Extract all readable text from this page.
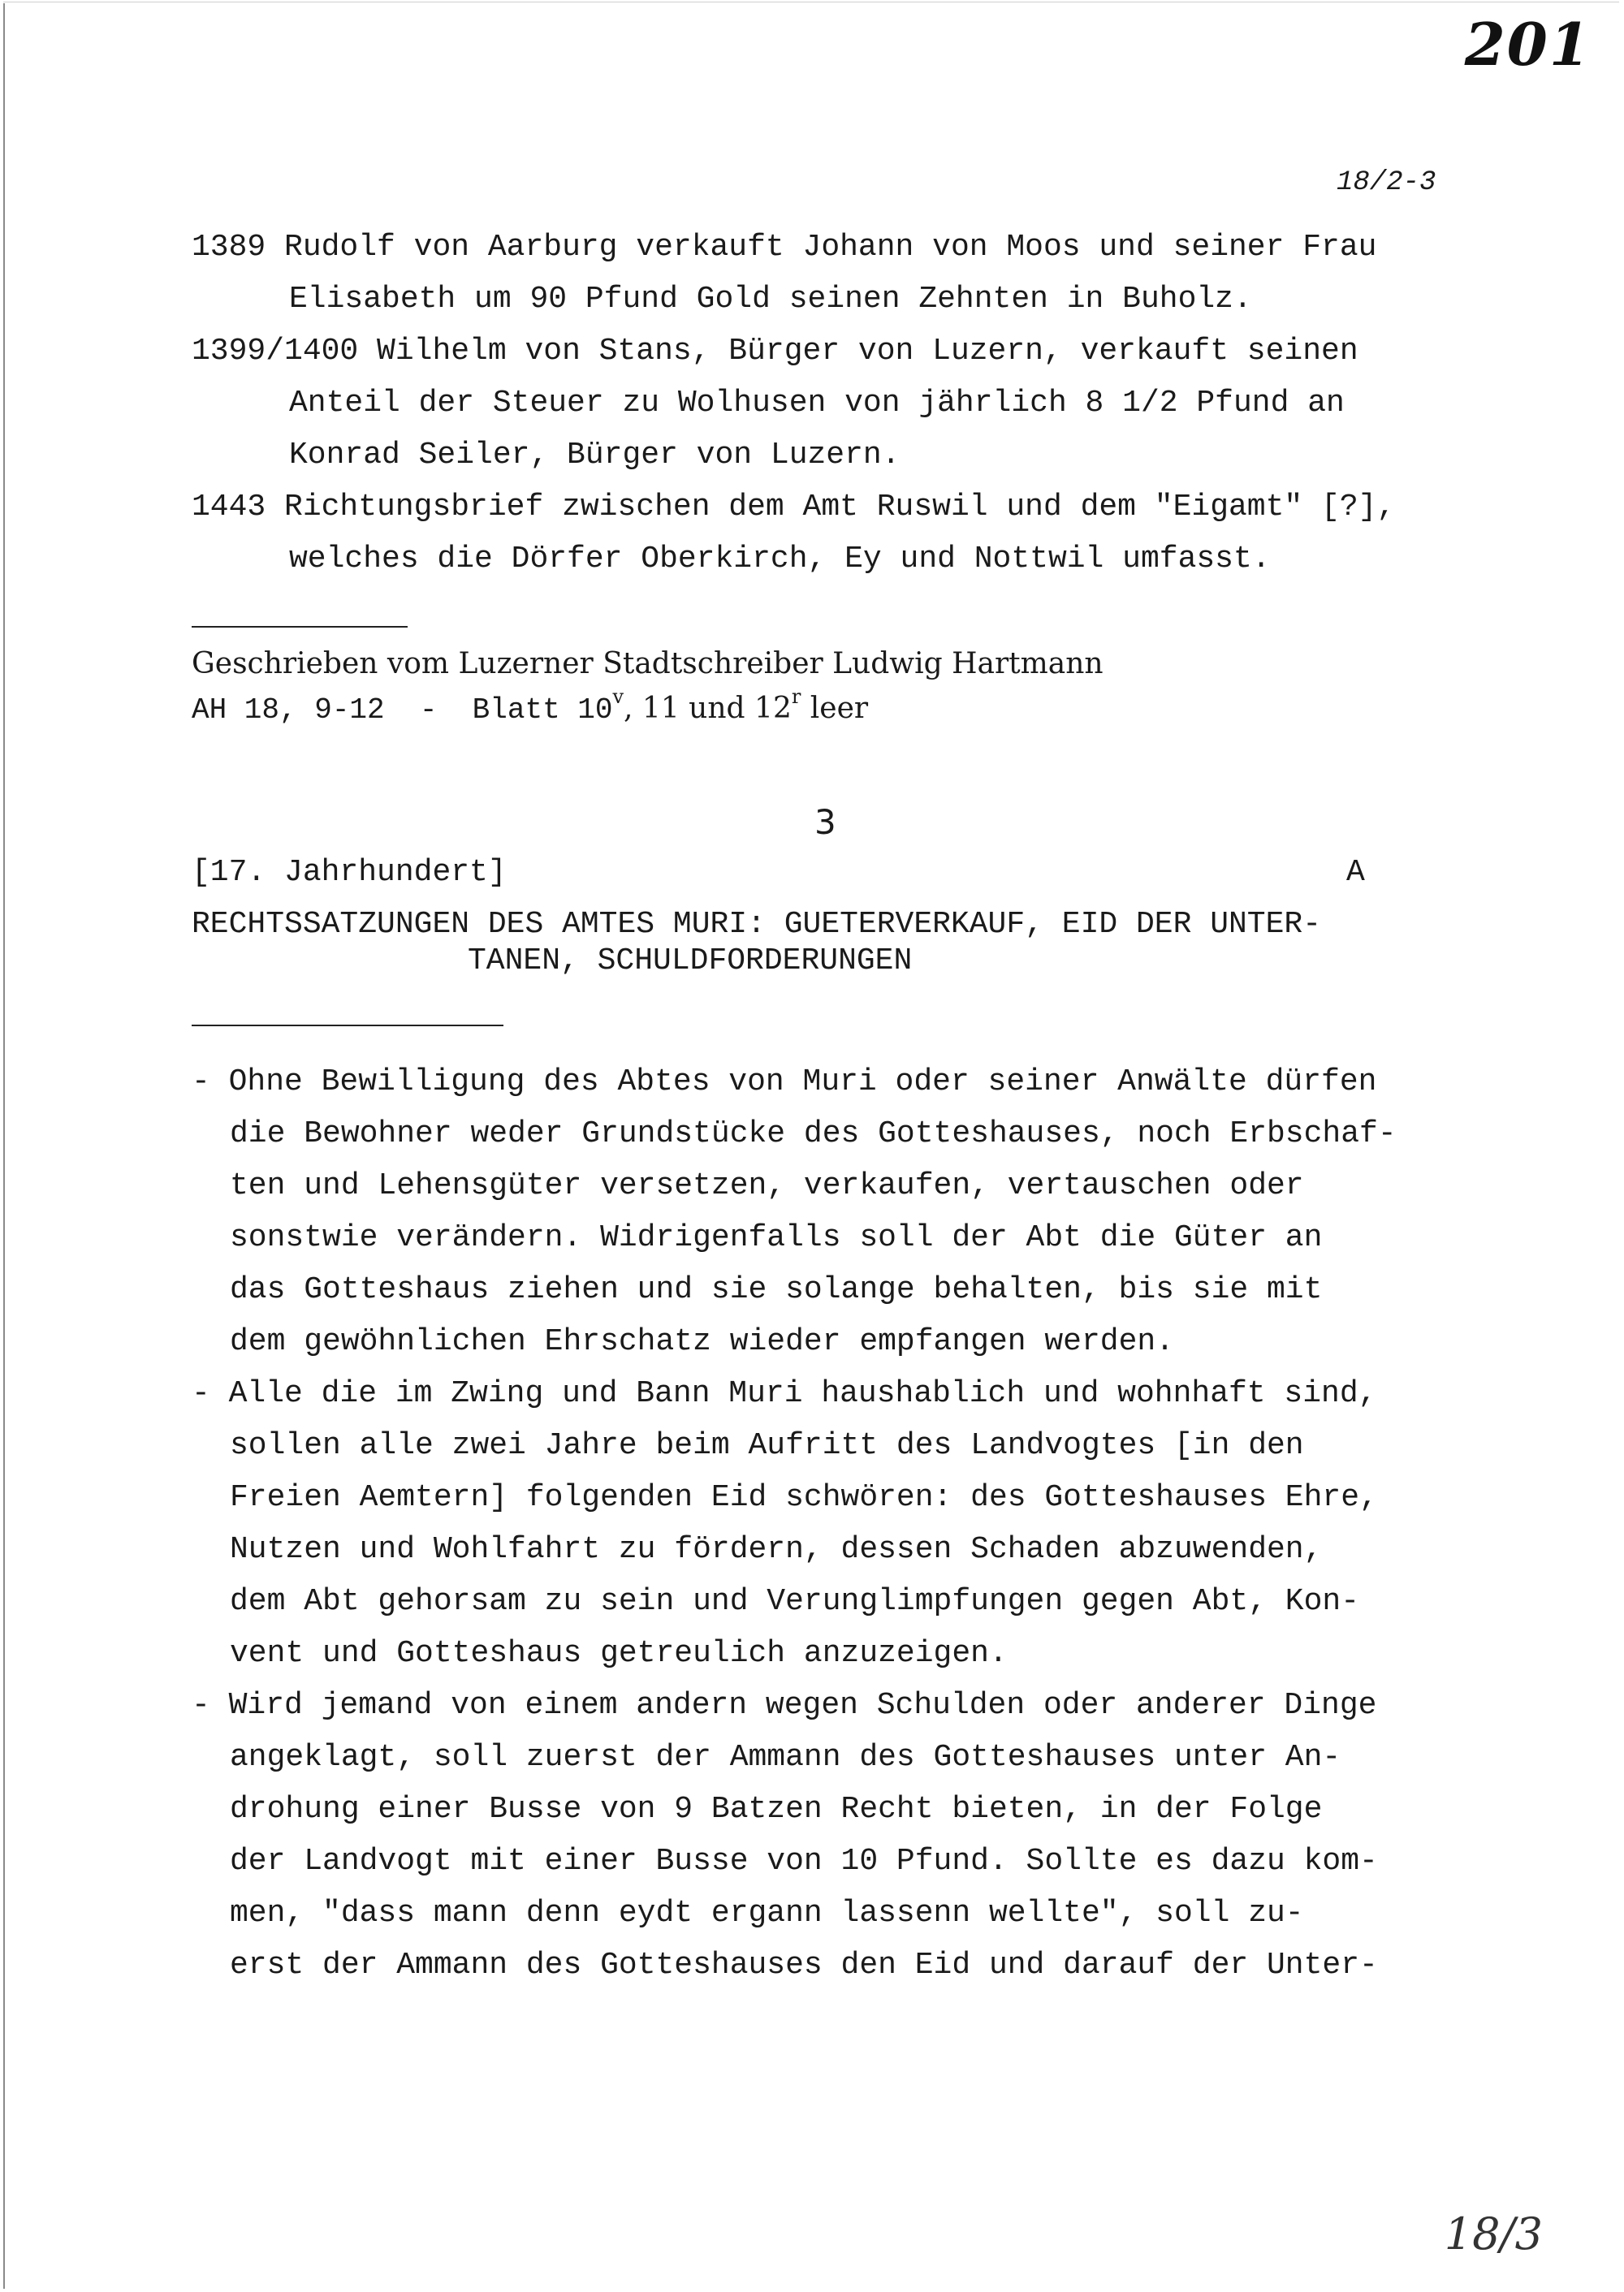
201
18/2-3
1389 Rudolf von Aarburg verkauft Johann von Moos und seiner Frau
Elisabeth um 90 Pfund Gold seinen Zehnten in Buholz.
1399/1400 Wilhelm von Stans, Bürger von Luzern, verkauft seinen
Anteil der Steuer zu Wolhusen von jährlich 8 1/2 Pfund an
Konrad Seiler, Bürger von Luzern.
1443 Richtungsbrief zwischen dem Amt Ruswil und dem "Eigamt" [?],
welches die Dörfer Oberkirch, Ey und Nottwil umfasst.
Geschrieben vom Luzerner Stadtschreiber Ludwig Hartmann
AH 18, 9-12  -  Blatt 10$^v$, 11 und 12$^r$ leer
3
[17. Jahrhundert]	A
RECHTSSATZUNGEN DES AMTES MURI: GUETERVERKAUF, EID DER UNTER-
TANEN, SCHULDFORDERUNGEN
- Ohne Bewilligung des Abtes von Muri oder seiner Anwälte dürfen
die Bewohner weder Grundstücke des Gotteshauses, noch Erbschaf-
ten und Lehensgüter versetzen, verkaufen, vertauschen oder
sonstwie verändern. Widrigenfalls soll der Abt die Güter an
das Gotteshaus ziehen und sie solange behalten, bis sie mit
dem gewöhnlichen Ehrschatz wieder empfangen werden.
- Alle die im Zwing und Bann Muri haushablich und wohnhaft sind,
sollen alle zwei Jahre beim Aufritt des Landvogtes [in den
Freien Aemtern] folgenden Eid schwören: des Gotteshauses Ehre,
Nutzen und Wohlfahrt zu fördern, dessen Schaden abzuwenden,
dem Abt gehorsam zu sein und Verunglimpfungen gegen Abt, Kon-
vent und Gotteshaus getreulich anzuzeigen.
- Wird jemand von einem andern wegen Schulden oder anderer Dinge
angeklagt, soll zuerst der Ammann des Gotteshauses unter An-
drohung einer Busse von 9 Batzen Recht bieten, in der Folge
der Landvogt mit einer Busse von 10 Pfund. Sollte es dazu kom-
men, "dass mann denn eydt ergann lassenn wellte", soll zu-
erst der Ammann des Gotteshauses den Eid und darauf der Unter-
18/3
